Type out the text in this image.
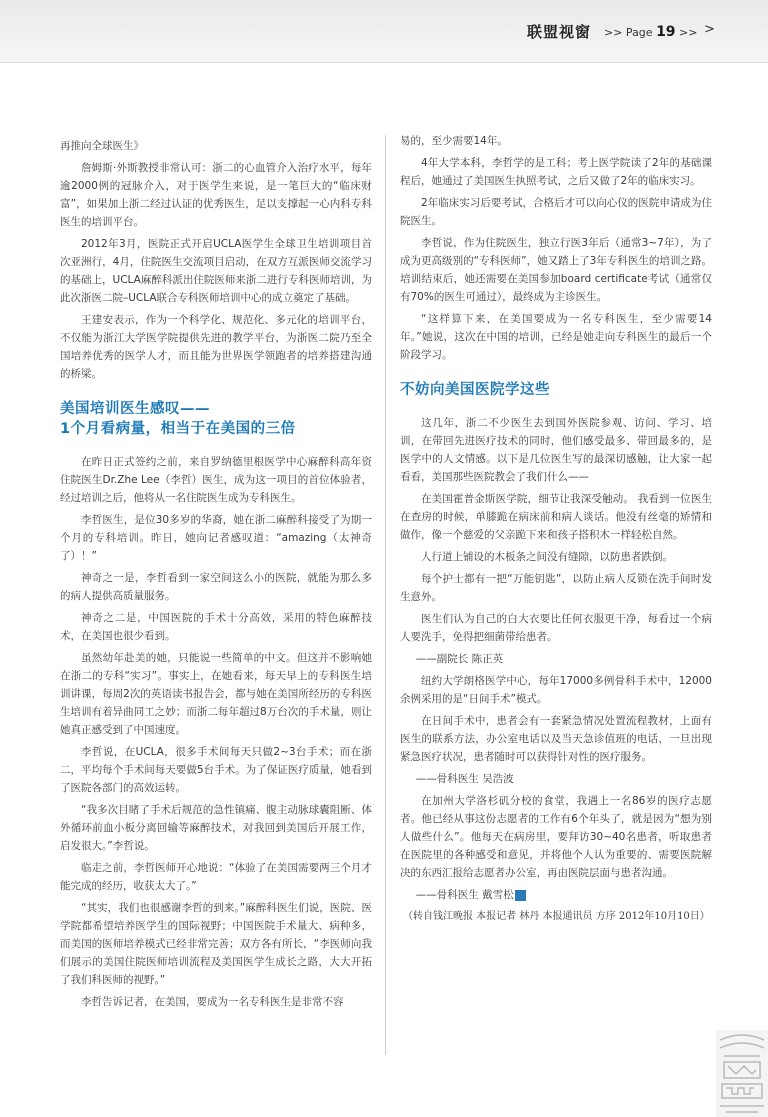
联盟视窗 >> Page 19 >> >

再推向全球医生》

詹姆斯·外斯教授非常认可：浙二的心血管介入治疗水平，每年逾2000例的冠脉介入，对于医学生来说，是一笔巨大的“临床财富”，如果加上浙二经过认证的优秀医生，足以支撑起一心内科专科医生的培训平台。

2012年3月，医院正式开启UCLA医学生全球卫生培训项目首次亚洲行，4月，住院医生交流项目启动，在双方互派医师交流学习的基础上，UCLA麻醉科派出住院医师来浙二进行专科医师培训，为此次浙医二院–UCLA联合专科医师培训中心的成立奠定了基础。

王建安表示，作为一个科学化、规范化、多元化的培训平台，不仅能为浙江大学医学院提供先进的教学平台，为浙医二院乃至全国培养优秀的医学人才，而且能为世界医学领跑者的培养搭建沟通的桥梁。

美国培训医生感叹——
1个月看病量，相当于在美国的三倍

在昨日正式签约之前，来自罗纳德里根医学中心麻醉科高年资住院医生Dr.Zhe Lee（李哲）医生，成为这一项目的首位体验者，经过培训之后，他将从一名住院医生成为专科医生。

李哲医生，是位30多岁的华裔，她在浙二麻醉科接受了为期一个月的专科培训。昨日，她向记者感叹道：“amazing（太神奇了）！”

神奇之一是，李哲看到一家空间这么小的医院，就能为那么多的病人提供高质量服务。

神奇之二是，中国医院的手术十分高效，采用的特色麻醉技术，在美国也很少看到。

虽然幼年赴美的她，只能说一些简单的中文。但这并不影响她在浙二的专科“实习”。事实上，在她看来，每天早上的专科医生培训讲课，每周2次的英语读书报告会，都与她在美国所经历的专科医生培训有着异曲同工之妙；而浙二每年超过8万台次的手术量，则让她真正感受到了中国速度。

李哲说，在UCLA，很多手术间每天只做2~3台手术；而在浙二，平均每个手术间每天要做5台手术。为了保证医疗质量，她看到了医院各部门的高效运转。

“我多次目睹了手术后规范的急性镇痛、腹主动脉球囊阻断、体外循环前血小板分离回输等麻醉技术，对我回到美国后开展工作，启发很大。”李哲说。

临走之前，李哲医师开心地说：“体验了在美国需要两三个月才能完成的经历，收获太大了。”

“其实，我们也很感谢李哲的到来。”麻醉科医生们说，医院、医学院都希望培养医学生的国际视野；中国医院手术量大、病种多，而美国的医师培养模式已经非常完善；双方各有所长，“李医师向我们展示的美国住院医师培训流程及美国医学生成长之路，大大开拓了我们科医师的视野。”

李哲告诉记者，在美国，要成为一名专科医生是非常不容

易的，至少需要14年。

4年大学本科，李哲学的是工科；考上医学院读了2年的基础课程后，她通过了美国医生执照考试，之后又做了2年的临床实习。

2年临床实习后要考试，合格后才可以向心仪的医院申请成为住院医生。

李哲说，作为住院医生，独立行医3年后（通常3~7年），为了成为更高级别的“专科医师”，她又踏上了3年专科医生的培训之路。培训结束后，她还需要在美国参加board certificate考试（通常仅有70%的医生可通过），最终成为主诊医生。

“这样算下来，在美国要成为一名专科医生，至少需要14年。”她说，这次在中国的培训，已经是她走向专科医生的最后一个阶段学习。

不妨向美国医院学这些

这几年，浙二不少医生去到国外医院参观、访问、学习、培训，在带回先进医疗技术的同时，他们感受最多、带回最多的，是医学中的人文情感。以下是几位医生写的最深切感触，让大家一起看看，美国那些医院教会了我们什么——

在美国霍普金斯医学院，细节让我深受触动。 我看到一位医生在查房的时候，单膝跪在病床前和病人谈话。他没有丝毫的矫情和做作，像一个慈爱的父亲跪下来和孩子搭积木一样轻松自然。

人行道上铺设的木板条之间没有缝隙，以防患者跌倒。

每个护士都有一把“万能钥匙”，以防止病人反锁在洗手间时发生意外。

医生们认为自己的白大衣要比任何衣服更干净，每看过一个病人要洗手，免得把细菌带给患者。

——副院长 陈正英

纽约大学朗格医学中心，每年17000多例骨科手术中，12000余例采用的是“日间手术”模式。

在日间手术中，患者会有一套紧急情况处置流程教材，上面有医生的联系方法，办公室电话以及当天急诊值班的电话，一旦出现紧急医疗状况，患者随时可以获得针对性的医疗服务。

——骨科医生 吴浩波

在加州大学洛杉矶分校的食堂，我遇上一名86岁的医疗志愿者。他已经从事这份志愿者的工作有6个年头了，就是因为“想为别人做些什么”。他每天在病房里，要拜访30~40名患者，听取患者在医院里的各种感受和意见，并将他个人认为重要的、需要医院解决的东西汇报给志愿者办公室，再由医院层面与患者沟通。

——骨科医生 戴雪松 ◎

（转自钱江晚报 本报记者 林丹 本报通讯员 方序 2012年10月10日）
